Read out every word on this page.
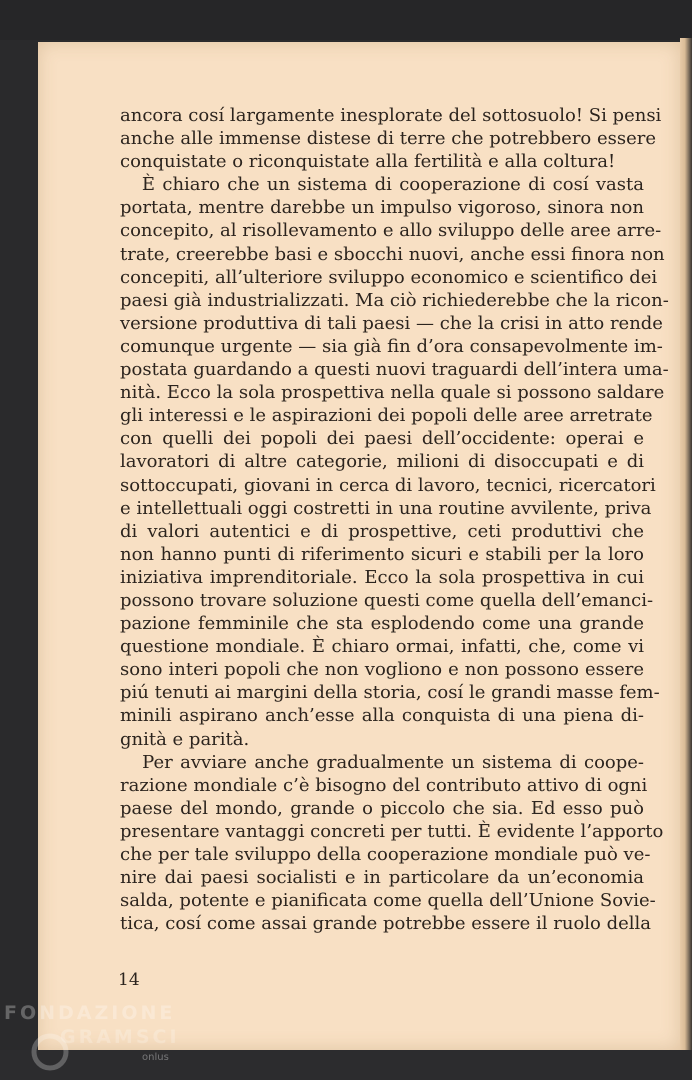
ancora cosí largamente inesplorate del sottosuolo! Si pensi
anche alle immense distese di terre che potrebbero essere
conquistate o riconquistate alla fertilità e alla coltura!
È chiaro che un sistema di cooperazione di cosí vasta
portata, mentre darebbe un impulso vigoroso, sinora non
concepito, al risollevamento e allo sviluppo delle aree arre-
trate, creerebbe basi e sbocchi nuovi, anche essi finora non
concepiti, all’ulteriore sviluppo economico e scientifico dei
paesi già industrializzati. Ma ciò richiederebbe che la ricon-
versione produttiva di tali paesi — che la crisi in atto rende
comunque urgente — sia già fin d’ora consapevolmente im-
postata guardando a questi nuovi traguardi dell’intera uma-
nità. Ecco la sola prospettiva nella quale si possono saldare
gli interessi e le aspirazioni dei popoli delle aree arretrate
con quelli dei popoli dei paesi dell’occidente: operai e
lavoratori di altre categorie, milioni di disoccupati e di
sottoccupati, giovani in cerca di lavoro, tecnici, ricercatori
e intellettuali oggi costretti in una routine avvilente, priva
di valori autentici e di prospettive, ceti produttivi che
non hanno punti di riferimento sicuri e stabili per la loro
iniziativa imprenditoriale. Ecco la sola prospettiva in cui
possono trovare soluzione questi come quella dell’emanci-
pazione femminile che sta esplodendo come una grande
questione mondiale. È chiaro ormai, infatti, che, come vi
sono interi popoli che non vogliono e non possono essere
piú tenuti ai margini della storia, cosí le grandi masse fem-
minili aspirano anch’esse alla conquista di una piena di-
gnità e parità.
Per avviare anche gradualmente un sistema di coope-
razione mondiale c’è bisogno del contributo attivo di ogni
paese del mondo, grande o piccolo che sia. Ed esso può
presentare vantaggi concreti per tutti. È evidente l’apporto
che per tale sviluppo della cooperazione mondiale può ve-
nire dai paesi socialisti e in particolare da un’economia
salda, potente e pianificata come quella dell’Unione Sovie-
tica, cosí come assai grande potrebbe essere il ruolo della
14
FONDAZIONE
GRAMSCI
onlus
